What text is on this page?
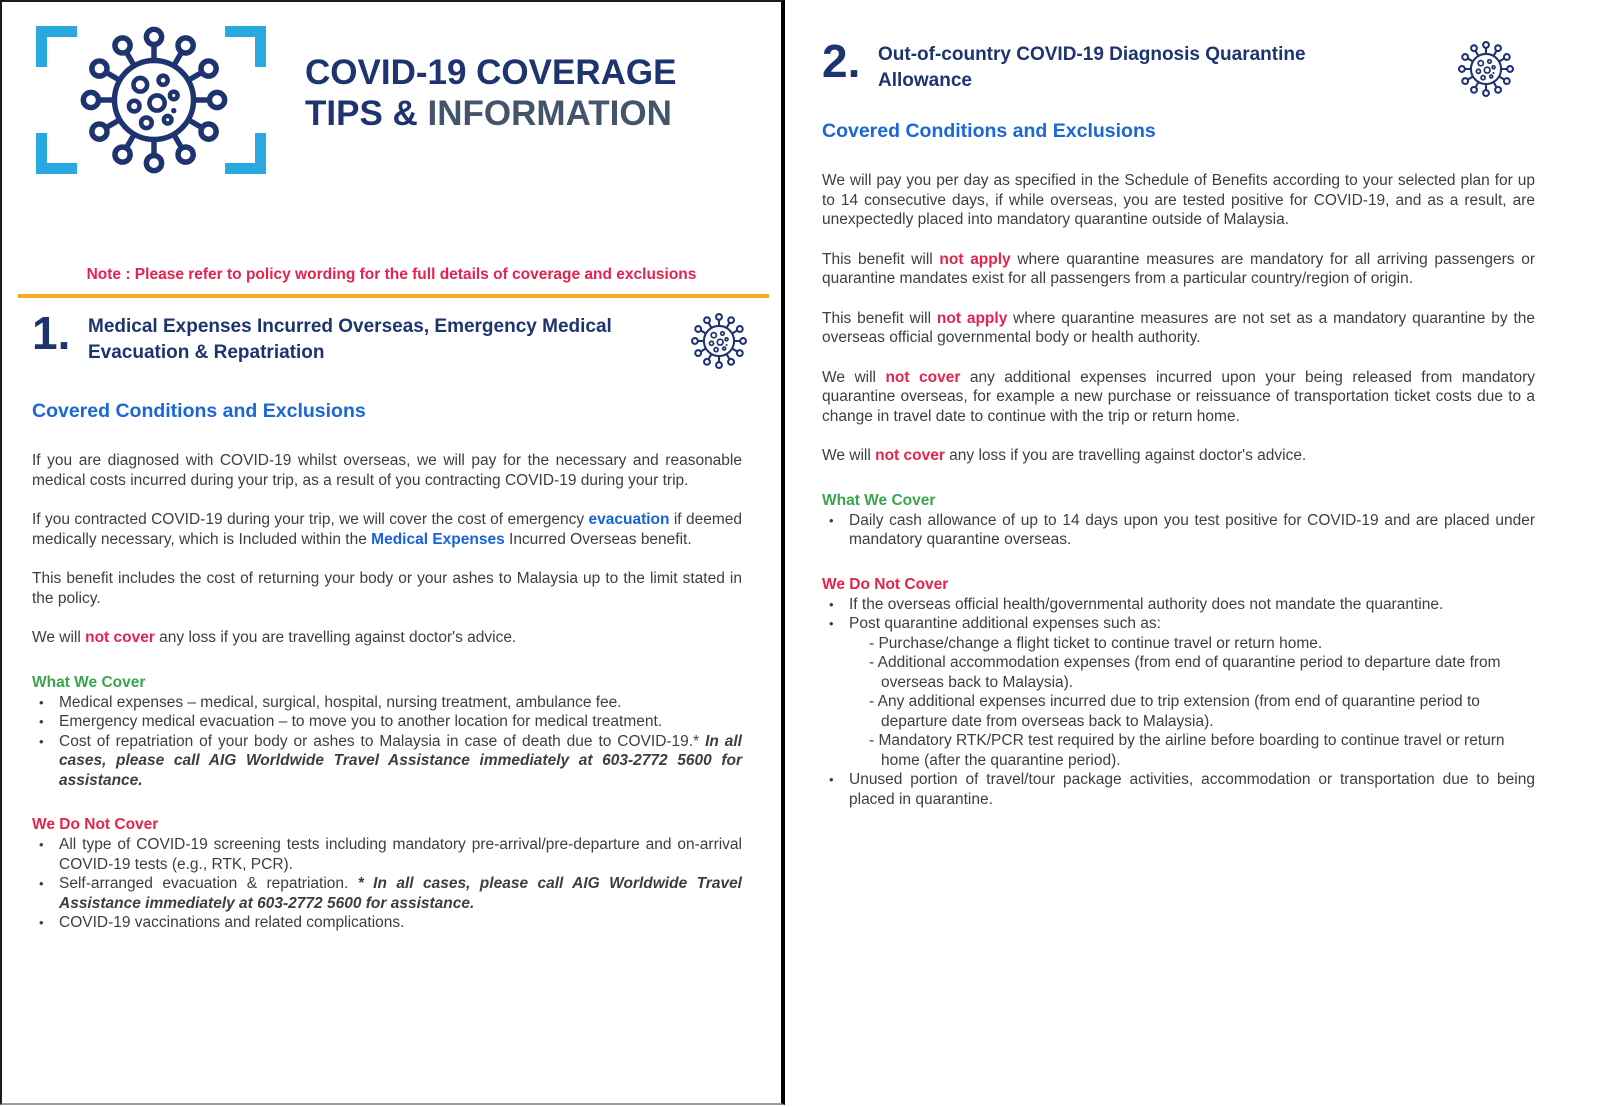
COVID-19 COVERAGE
TIPS & INFORMATION
Note : Please refer to policy wording for the full details of coverage and exclusions
1. Medical Expenses Incurred Overseas, Emergency Medical Evacuation & Repatriation
Covered Conditions and Exclusions

If you are diagnosed with COVID-19 whilst overseas, we will pay for the necessary and reasonable medical costs incurred during your trip, as a result of you contracting COVID-19 during your trip.

If you contracted COVID-19 during your trip, we will cover the cost of emergency evacuation if deemed medically necessary, which is Included within the Medical Expenses Incurred Overseas benefit.

This benefit includes the cost of returning your body or your ashes to Malaysia up to the limit stated in the policy.

We will not cover any loss if you are travelling against doctor's advice.

What We Cover
• Medical expenses – medical, surgical, hospital, nursing treatment, ambulance fee.
• Emergency medical evacuation – to move you to another location for medical treatment.
• Cost of repatriation of your body or ashes to Malaysia in case of death due to COVID-19.* In all cases, please call AIG Worldwide Travel Assistance immediately at 603-2772 5600 for assistance.
We Do Not Cover
• All type of COVID-19 screening tests including mandatory pre-arrival/pre-departure and on-arrival COVID-19 tests (e.g., RTK, PCR).
• Self-arranged evacuation & repatriation. * In all cases, please call AIG Worldwide Travel Assistance immediately at 603-2772 5600 for assistance.
• COVID-19 vaccinations and related complications.
2. Out-of-country COVID-19 Diagnosis Quarantine Allowance
Covered Conditions and Exclusions

We will pay you per day as specified in the Schedule of Benefits according to your selected plan for up to 14 consecutive days, if while overseas, you are tested positive for COVID-19, and as a result, are unexpectedly placed into mandatory quarantine outside of Malaysia.

This benefit will not apply where quarantine measures are mandatory for all arriving passengers or quarantine mandates exist for all passengers from a particular country/region of origin.

This benefit will not apply where quarantine measures are not set as a mandatory quarantine by the overseas official governmental body or health authority.

We will not cover any additional expenses incurred upon your being released from mandatory quarantine overseas, for example a new purchase or reissuance of transportation ticket costs due to a change in travel date to continue with the trip or return home.

We will not cover any loss if you are travelling against doctor's advice.

What We Cover
• Daily cash allowance of up to 14 days upon you test positive for COVID-19 and are placed under mandatory quarantine overseas.
We Do Not Cover
• If the overseas official health/governmental authority does not mandate the quarantine.
• Post quarantine additional expenses such as:
- Purchase/change a flight ticket to continue travel or return home.
- Additional accommodation expenses (from end of quarantine period to departure date from overseas back to Malaysia).
- Any additional expenses incurred due to trip extension (from end of quarantine period to departure date from overseas back to Malaysia).
- Mandatory RTK/PCR test required by the airline before boarding to continue travel or return home (after the quarantine period).
• Unused portion of travel/tour package activities, accommodation or transportation due to being placed in quarantine.
